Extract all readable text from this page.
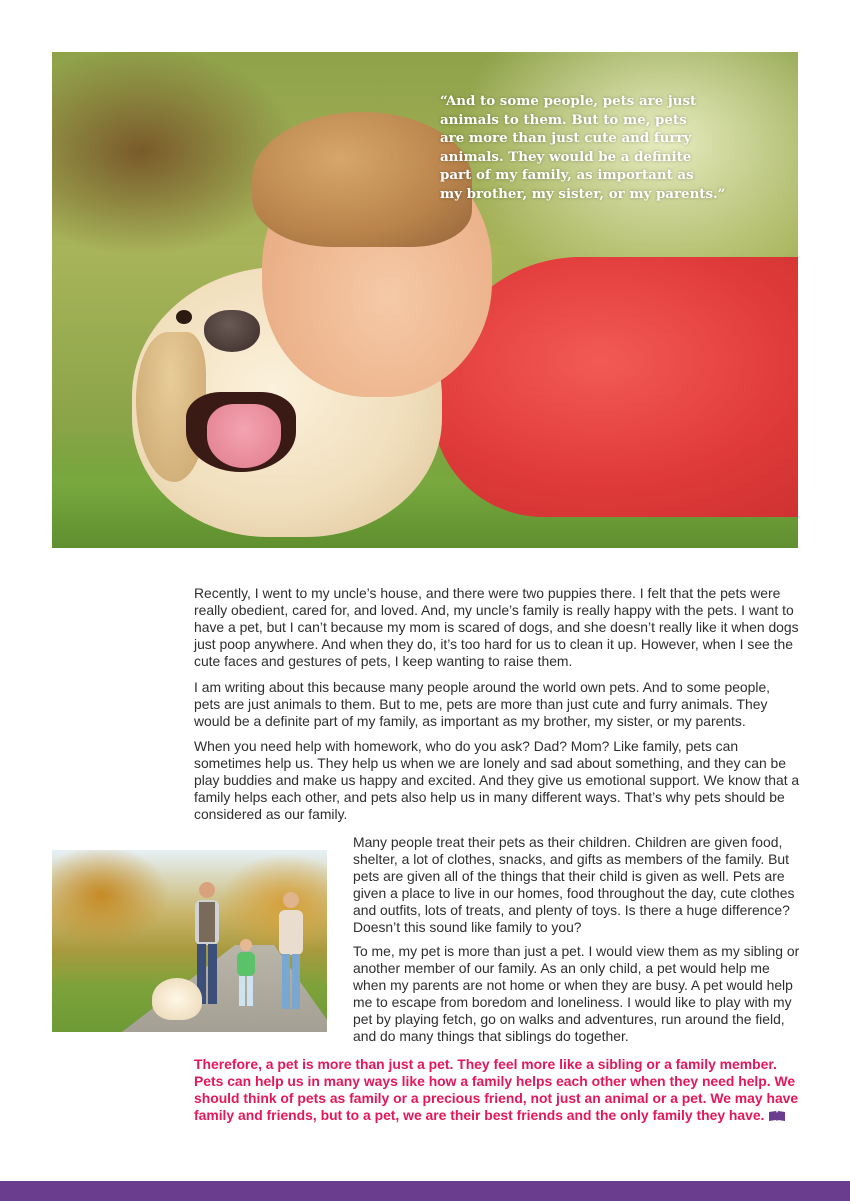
“And to some people, pets are just
animals to them. But to me, pets
are more than just cute and furry
animals. They would be a definite
part of my family, as important as
my brother, my sister, or my parents.”

Recently, I went to my uncle’s house, and there were two puppies there. I felt that the pets were really obedient, cared for, and loved. And, my uncle’s family is really happy with the pets. I want to have a pet, but I can’t because my mom is scared of dogs, and she doesn’t really like it when dogs just poop anywhere. And when they do, it’s too hard for us to clean it up. However, when I see the cute faces and gestures of pets, I keep wanting to raise them.

I am writing about this because many people around the world own pets. And to some people, pets are just animals to them. But to me, pets are more than just cute and furry animals. They would be a definite part of my family, as important as my brother, my sister, or my parents.

When you need help with homework, who do you ask? Dad? Mom? Like family, pets can sometimes help us. They help us when we are lonely and sad about something, and they can be play buddies and make us happy and excited. And they give us emotional support. We know that a family helps each other, and pets also help us in many different ways. That’s why pets should be considered as our family.

Many people treat their pets as their children. Children are given food, shelter, a lot of clothes, snacks, and gifts as members of the family. But pets are given all of the things that their child is given as well. Pets are given a place to live in our homes, food throughout the day, cute clothes and outfits, lots of treats, and plenty of toys. Is there a huge difference? Doesn’t this sound like family to you?

To me, my pet is more than just a pet. I would view them as my sibling or another member of our family. As an only child, a pet would help me when my parents are not home or when they are busy. A pet would help me to escape from boredom and loneliness. I would like to play with my pet by playing fetch, go on walks and adventures, run around the field, and do many things that siblings do together.

Therefore, a pet is more than just a pet. They feel more like a sibling or a family member. Pets can help us in many ways like how a family helps each other when they need help. We should think of pets as family or a precious friend, not just an animal or a pet. We may have family and friends, but to a pet, we are their best friends and the only family they have.
